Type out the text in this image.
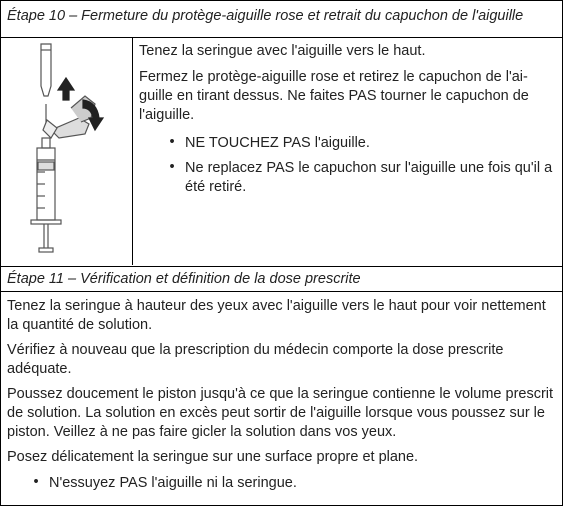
Étape 10 – Fermeture du protège-aiguille rose et retrait du capuchon de l'aiguille

Tenez la seringue avec l'aiguille vers le haut.

Fermez le protège-aiguille rose et retirez le capuchon de l'ai-

guille en tirant dessus. Ne faites PAS tourner le capuchon de

l'aiguille.

• NE TOUCHEZ PAS l'aiguille.

• Ne replacez PAS le capuchon sur l'aiguille une fois qu'il a

été retiré.

Étape 11 – Vérification et définition de la dose prescrite

Tenez la seringue à hauteur des yeux avec l'aiguille vers le haut pour voir nettement

la quantité de solution.

Vérifiez à nouveau que la prescription du médecin comporte la dose prescrite

adéquate.

Poussez doucement le piston jusqu'à ce que la seringue contienne le volume prescrit

de solution. La solution en excès peut sortir de l'aiguille lorsque vous poussez sur le

piston. Veillez à ne pas faire gicler la solution dans vos yeux.

Posez délicatement la seringue sur une surface propre et plane.

• N'essuyez PAS l'aiguille ni la seringue.
